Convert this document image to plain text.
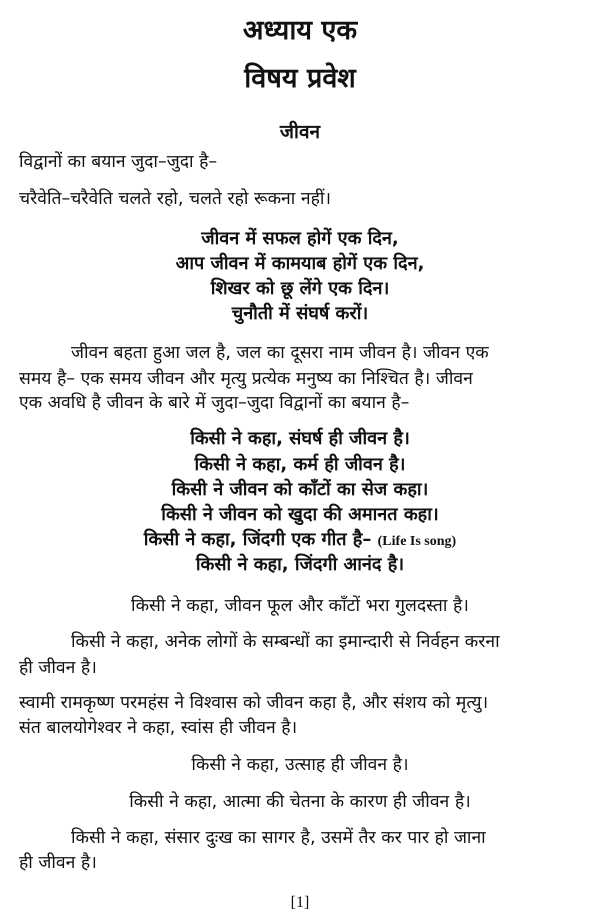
अध्याय एक
विषय प्रवेश
जीवन
विद्वानों का बयान जुदा–जुदा है–
चरैवेति–चरैवेति चलते रहो, चलते रहो रूकना नहीं।
जीवन में सफल होगें एक दिन,
आप जीवन में कामयाब होगें एक दिन,
शिखर को छू लेंगे एक दिन।
चुनौती में संघर्ष करों।
जीवन बहता हुआ जल है, जल का दूसरा नाम जीवन है। जीवन एक
समय है– एक समय जीवन और मृत्यु प्रत्येक मनुष्य का निश्चित है। जीवन
एक अवधि है जीवन के बारे में जुदा–जुदा विद्वानों का बयान है–
किसी ने कहा, संघर्ष ही जीवन है।
किसी ने कहा, कर्म ही जीवन है।
किसी ने जीवन को कॉंटों का सेज कहा।
किसी ने जीवन को खुदा की अमानत कहा।
किसी ने कहा, जिंदगी एक गीत है– (Life Is song)
किसी ने कहा, जिंदगी आनंद है।
किसी ने कहा, जीवन फूल और कॉंटों भरा गुलदस्ता है।
किसी ने कहा, अनेक लोगों के सम्बन्धों का इमान्दारी से निर्वहन करना
ही जीवन है।
स्वामी रामकृष्ण परमहंस ने विश्वास को जीवन कहा है, और संशय को मृत्यु।
संत बालयोगेश्वर ने कहा, स्वांस ही जीवन है।
किसी ने कहा, उत्साह ही जीवन है।
किसी ने कहा, आत्मा की चेतना के कारण ही जीवन है।
किसी ने कहा, संसार दुःख का सागर है, उसमें तैर कर पार हो जाना
ही जीवन है।
[1]
